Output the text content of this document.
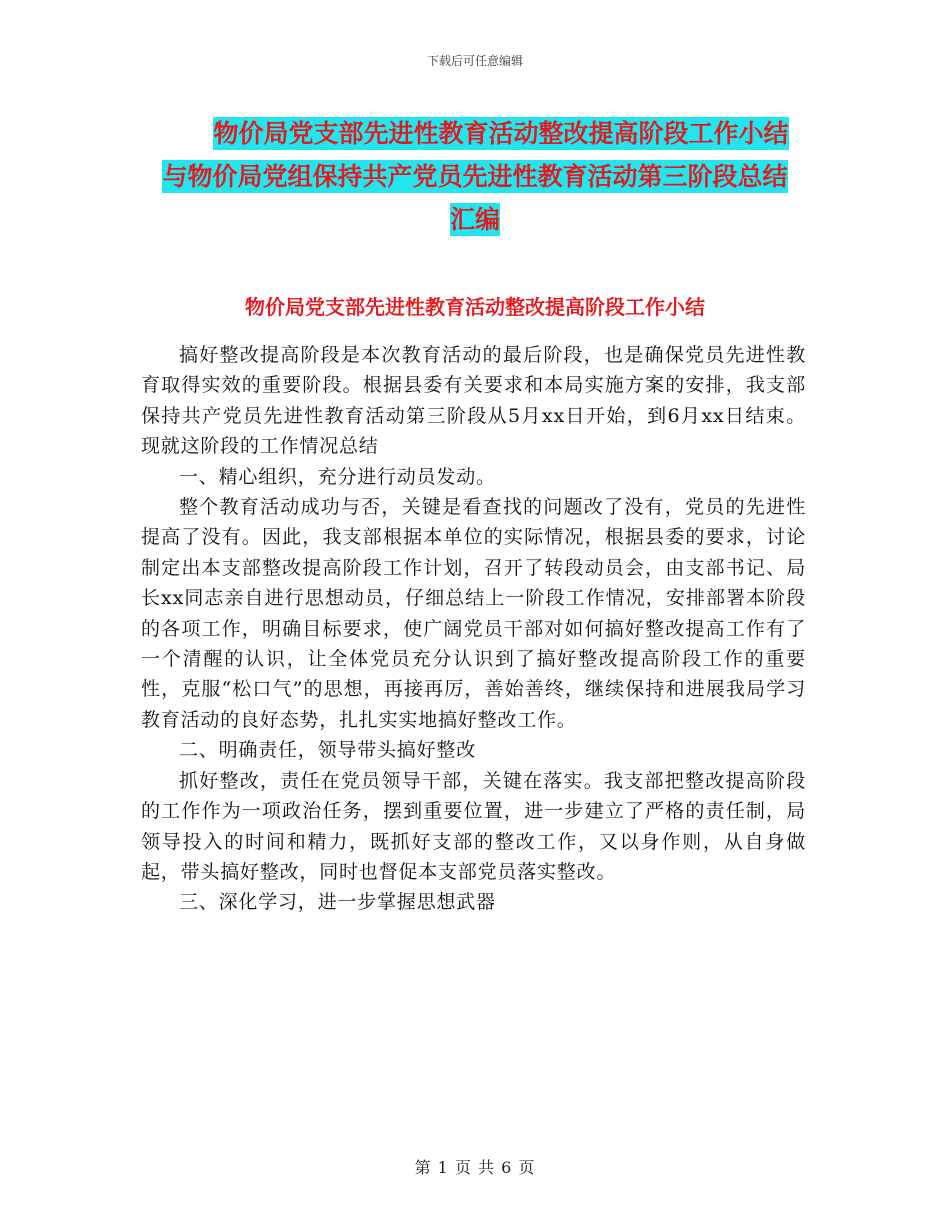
下载后可任意编辑
物价局党支部先进性教育活动整改提高阶段工作小结
与物价局党组保持共产党员先进性教育活动第三阶段总结
汇编
物价局党支部先进性教育活动整改提高阶段工作小结

搞好整改提高阶段是本次教育活动的最后阶段，也是确保党员先进性教育取得实效的重要阶段。根据县委有关要求和本局实施方案的安排，我支部保持共产党员先进性教育活动第三阶段从5月xx日开始，到6月xx日结束。现就这阶段的工作情况总结

一、精心组织，充分进行动员发动。

整个教育活动成功与否，关键是看查找的问题改了没有，党员的先进性提高了没有。因此，我支部根据本单位的实际情况，根据县委的要求，讨论制定出本支部整改提高阶段工作计划，召开了转段动员会，由支部书记、局长xx同志亲自进行思想动员，仔细总结上一阶段工作情况，安排部署本阶段的各项工作，明确目标要求，使广阔党员干部对如何搞好整改提高工作有了一个清醒的认识，让全体党员充分认识到了搞好整改提高阶段工作的重要性，克服“松口气”的思想，再接再厉，善始善终，继续保持和进展我局学习教育活动的良好态势，扎扎实实地搞好整改工作。

二、明确责任，领导带头搞好整改

抓好整改，责任在党员领导干部，关键在落实。我支部把整改提高阶段的工作作为一项政治任务，摆到重要位置，进一步建立了严格的责任制，局领导投入的时间和精力，既抓好支部的整改工作，又以身作则，从自身做起，带头搞好整改，同时也督促本支部党员落实整改。

三、深化学习，进一步掌握思想武器

第 1 页 共 6 页
